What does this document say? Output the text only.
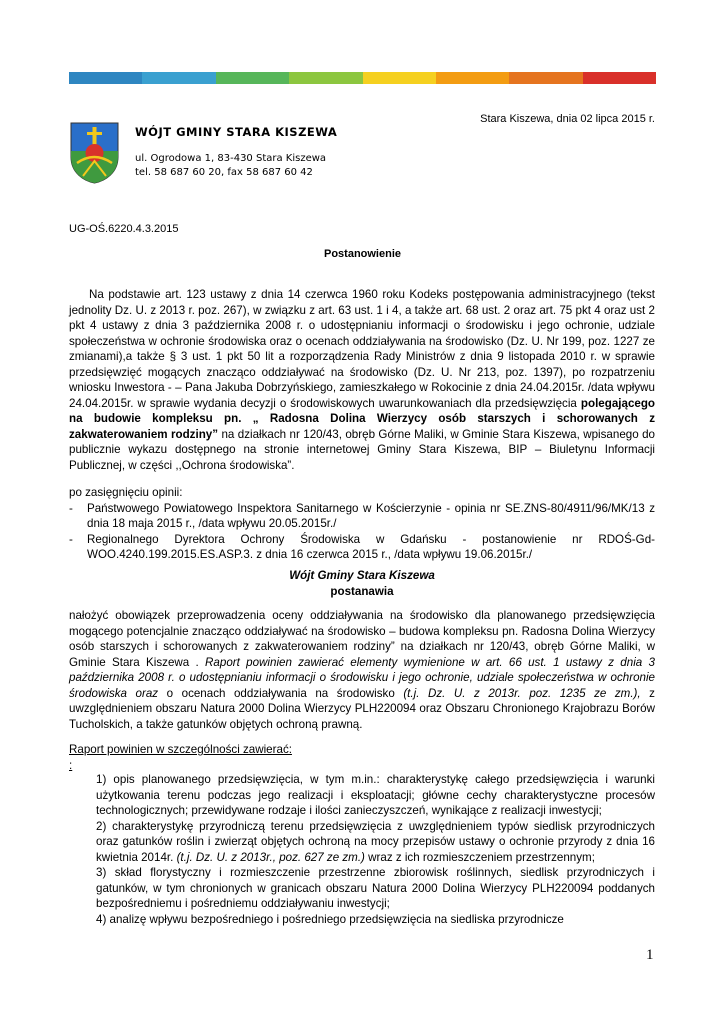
Stara Kiszewa, dnia 02 lipca 2015 r.
WÓJT GMINY STARA KISZEWA
ul. Ogrodowa 1, 83-430 Stara Kiszewa
tel. 58 687 60 20, fax 58 687 60 42
UG-OŚ.6220.4.3.2015
Postanowienie
Na podstawie art. 123 ustawy z dnia 14 czerwca 1960 roku Kodeks postępowania administracyjnego (tekst jednolity Dz. U. z 2013 r. poz. 267), w związku z art. 63 ust. 1 i 4, a także art. 68 ust. 2 oraz art. 75 pkt 4 oraz ust 2 pkt 4 ustawy z dnia 3 października 2008 r. o udostępnianiu informacji o środowisku i jego ochronie, udziale społeczeństwa w ochronie środowiska oraz o ocenach oddziaływania na środowisko (Dz. U. Nr 199, poz. 1227 ze zmianami),a także § 3 ust. 1 pkt 50 lit a rozporządzenia Rady Ministrów z dnia 9 listopada 2010 r. w sprawie przedsięwzięć mogących znacząco oddziaływać na środowisko (Dz. U. Nr 213, poz. 1397), po rozpatrzeniu wniosku Inwestora - – Pana Jakuba Dobrzyńskiego, zamieszkałego w Rokocinie z dnia 24.04.2015r. /data wpływu 24.04.2015r. w sprawie wydania decyzji o środowiskowych uwarunkowaniach dla przedsięwzięcia polegającego na budowie kompleksu pn. „ Radosna Dolina Wierzycy osób starszych i schorowanych z zakwaterowaniem rodziny” na działkach nr 120/43, obręb Górne Maliki, w Gminie Stara Kiszewa, wpisanego do publicznie wykazu dostępnego na stronie internetowej Gminy Stara Kiszewa, BIP – Biuletynu Informacji Publicznej, w części ,,Ochrona środowiska”.

po zasięgnięciu opinii:

- Państwowego Powiatowego Inspektora Sanitarnego w Kościerzynie - opinia nr SE.ZNS-80/4911/96/MK/13 z dnia 18 maja 2015 r., /data wpływu 20.05.2015r./
- Regionalnego Dyrektora Ochrony Środowiska w Gdańsku - postanowienie nr RDOŚ-Gd-WOO.4240.199.2015.ES.ASP.3. z dnia 16 czerwca 2015 r., /data wpływu 19.06.2015r./

Wójt Gminy Stara Kiszewa

postanawia

nałożyć obowiązek przeprowadzenia oceny oddziaływania na środowisko dla planowanego przedsięwzięcia mogącego potencjalnie znacząco oddziaływać na środowisko – budowa kompleksu pn. Radosna Dolina Wierzycy osób starszych i schorowanych z zakwaterowaniem rodziny” na działkach nr 120/43, obręb Górne Maliki, w Gminie Stara Kiszewa . Raport powinien zawierać elementy wymienione w art. 66 ust. 1 ustawy z dnia 3 października 2008 r. o udostępnianiu informacji o środowisku i jego ochronie, udziale społeczeństwa w ochronie środowiska oraz o ocenach oddziaływania na środowisko (t.j. Dz. U. z 2013r. poz. 1235 ze zm.), z uwzględnieniem obszaru Natura 2000 Dolina Wierzycy PLH220094 oraz Obszaru Chronionego Krajobrazu Borów Tucholskich, a także gatunków objętych ochroną prawną.

Raport powinien w szczególności zawierać:

:

1) opis planowanego przedsięwzięcia, w tym m.in.: charakterystykę całego przedsięwzięcia i warunki użytkowania terenu podczas jego realizacji i eksploatacji; główne cechy charakterystyczne procesów technologicznych; przewidywane rodzaje i ilości zanieczyszczeń, wynikające z realizacji inwestycji;

2) charakterystykę przyrodniczą terenu przedsięwzięcia z uwzględnieniem typów siedlisk przyrodniczych oraz gatunków roślin i zwierząt objętych ochroną na mocy przepisów ustawy o ochronie przyrody z dnia 16 kwietnia 2014r. (t.j. Dz. U. z 2013r., poz. 627 ze zm.) wraz z ich rozmieszczeniem przestrzennym;

3) skład florystyczny i rozmieszczenie przestrzenne zbiorowisk roślinnych, siedlisk przyrodniczych i gatunków, w tym chronionych w granicach obszaru Natura 2000 Dolina Wierzycy PLH220094 poddanych bezpośredniemu i pośredniemu oddziaływaniu inwestycji;

4) analizę wpływu bezpośredniego i pośredniego przedsięwzięcia na siedliska przyrodnicze

1
